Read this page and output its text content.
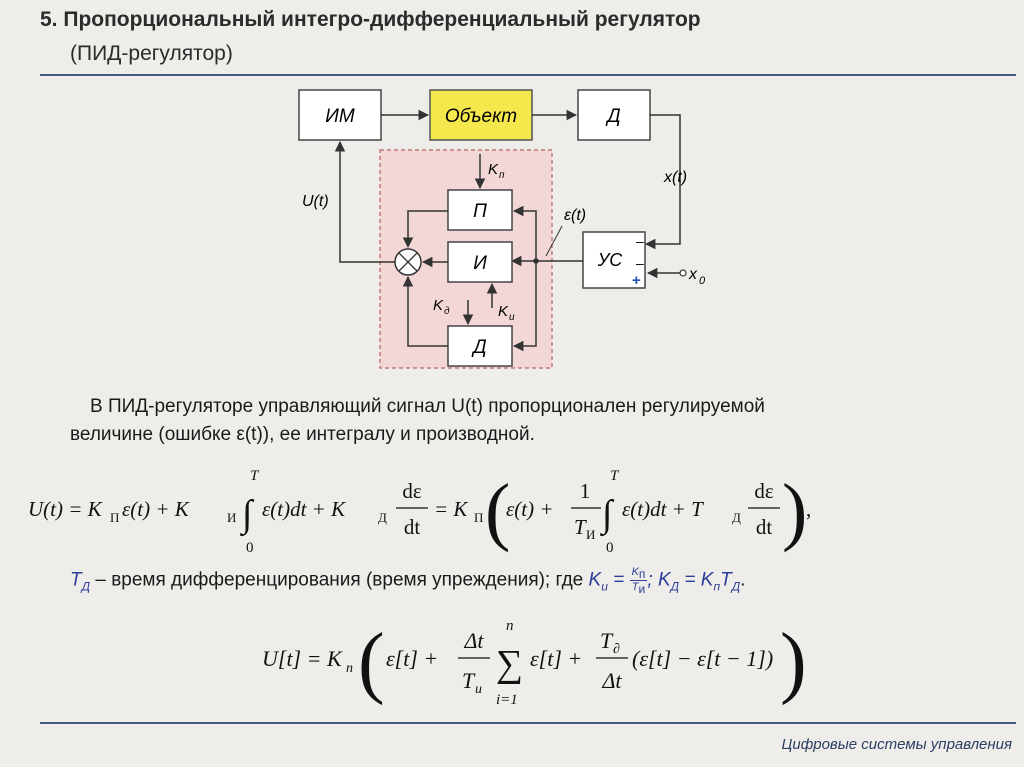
5. Пропорциональный интегро-дифференциальный регулятор
(ПИД-регулятор)
ИМ	Объект	Д
x(t)
УС
–
–
+	x 0
ε(t)
П
И
Д
K п
K д	K и
U(t)
В ПИД-регуляторе управляющий сигнал U(t) пропорционален регулируемой
величине (ошибке ε(t)), ее интегралу и производной.
U(t) = K П ε(t) + K	И ∫
T
0
ε(t)dt + K	Д
dε
dt
= K П (
ε(t) +
1
T И ∫
T
0
ε(t)dt + T Д
dε
dt )
,
$T_Д$ – время дифференцирования (время упреждения); где $K_и = \frac{K_п}{T_и}$ ; $K_Д = K_пT_Д$.
U[t] = K n ( ε[t] +
Δt
T u
∑
n
i=1
ε[t] +
T ∂
Δt
(ε[t] − ε[t − 1]) )
Цифровые системы управления
